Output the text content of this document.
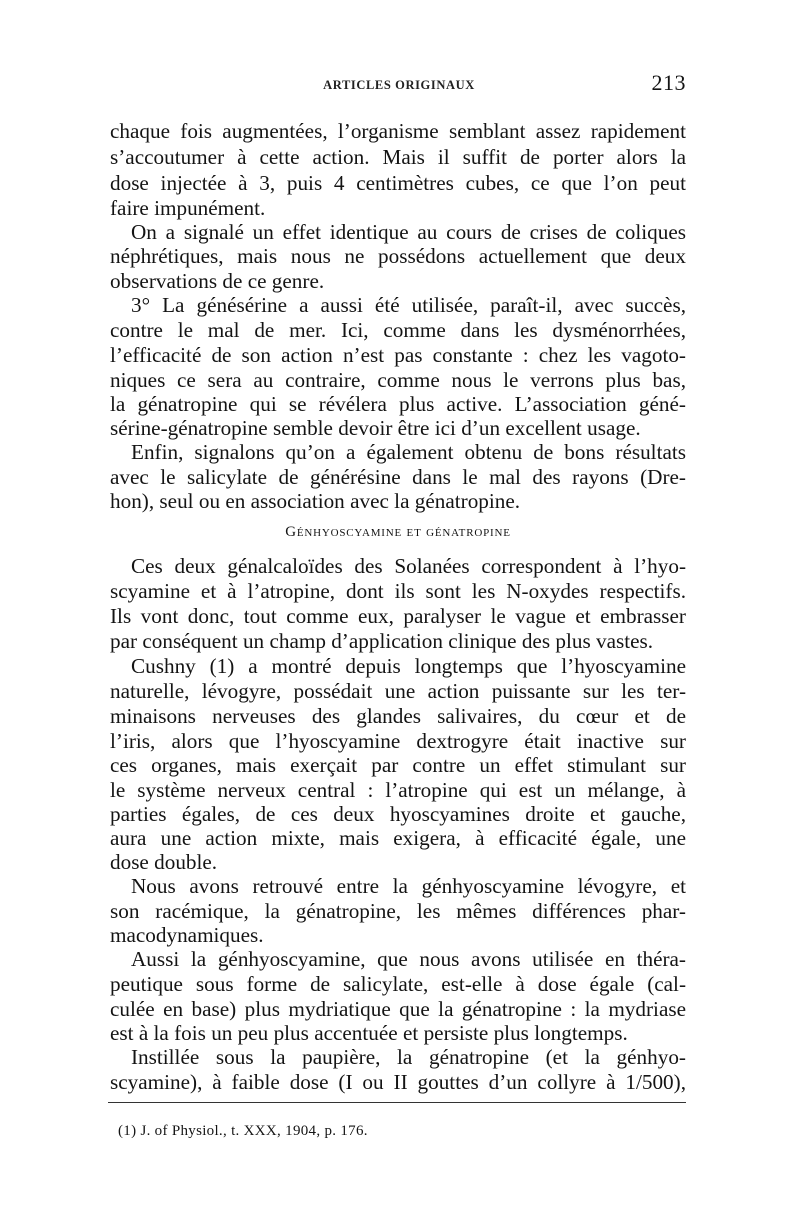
ARTICLES ORIGINAUX	213
chaque fois augmentées, l’organisme semblant assez rapidement
s’accoutumer à cette action. Mais il suffit de porter alors la
dose injectée à 3, puis 4 centimètres cubes, ce que l’on peut
faire impunément.
On a signalé un effet identique au cours de crises de coliques
néphrétiques, mais nous ne possédons actuellement que deux
observations de ce genre.
3° La génésérine a aussi été utilisée, paraît-il, avec succès,
contre le mal de mer. Ici, comme dans les dysménorrhées,
l’efficacité de son action n’est pas constante : chez les vagoto-
niques ce sera au contraire, comme nous le verrons plus bas,
la génatropine qui se révélera plus active. L’association géné-
sérine-génatropine semble devoir être ici d’un excellent usage.
Enfin, signalons qu’on a également obtenu de bons résultats
avec le salicylate de générésine dans le mal des rayons (Dre-
hon), seul ou en association avec la génatropine.
Génhyoscyamine et génatropine
Ces deux génalcaloïdes des Solanées correspondent à l’hyo-
scyamine et à l’atropine, dont ils sont les N-oxydes respectifs.
Ils vont donc, tout comme eux, paralyser le vague et embrasser
par conséquent un champ d’application clinique des plus vastes.
Cushny (1) a montré depuis longtemps que l’hyoscyamine
naturelle, lévogyre, possédait une action puissante sur les ter-
minaisons nerveuses des glandes salivaires, du cœur et de
l’iris, alors que l’hyoscyamine dextrogyre était inactive sur
ces organes, mais exerçait par contre un effet stimulant sur
le système nerveux central : l’atropine qui est un mélange, à
parties égales, de ces deux hyoscyamines droite et gauche,
aura une action mixte, mais exigera, à efficacité égale, une
dose double.
Nous avons retrouvé entre la génhyoscyamine lévogyre, et
son racémique, la génatropine, les mêmes différences phar-
macodynamiques.
Aussi la génhyoscyamine, que nous avons utilisée en théra-
peutique sous forme de salicylate, est-elle à dose égale (cal-
culée en base) plus mydriatique que la génatropine : la mydriase
est à la fois un peu plus accentuée et persiste plus longtemps.
Instillée sous la paupière, la génatropine (et la génhyo-
scyamine), à faible dose (I ou II gouttes d’un collyre à 1/500),
(1) J. of Physiol., t. XXX, 1904, p. 176.
